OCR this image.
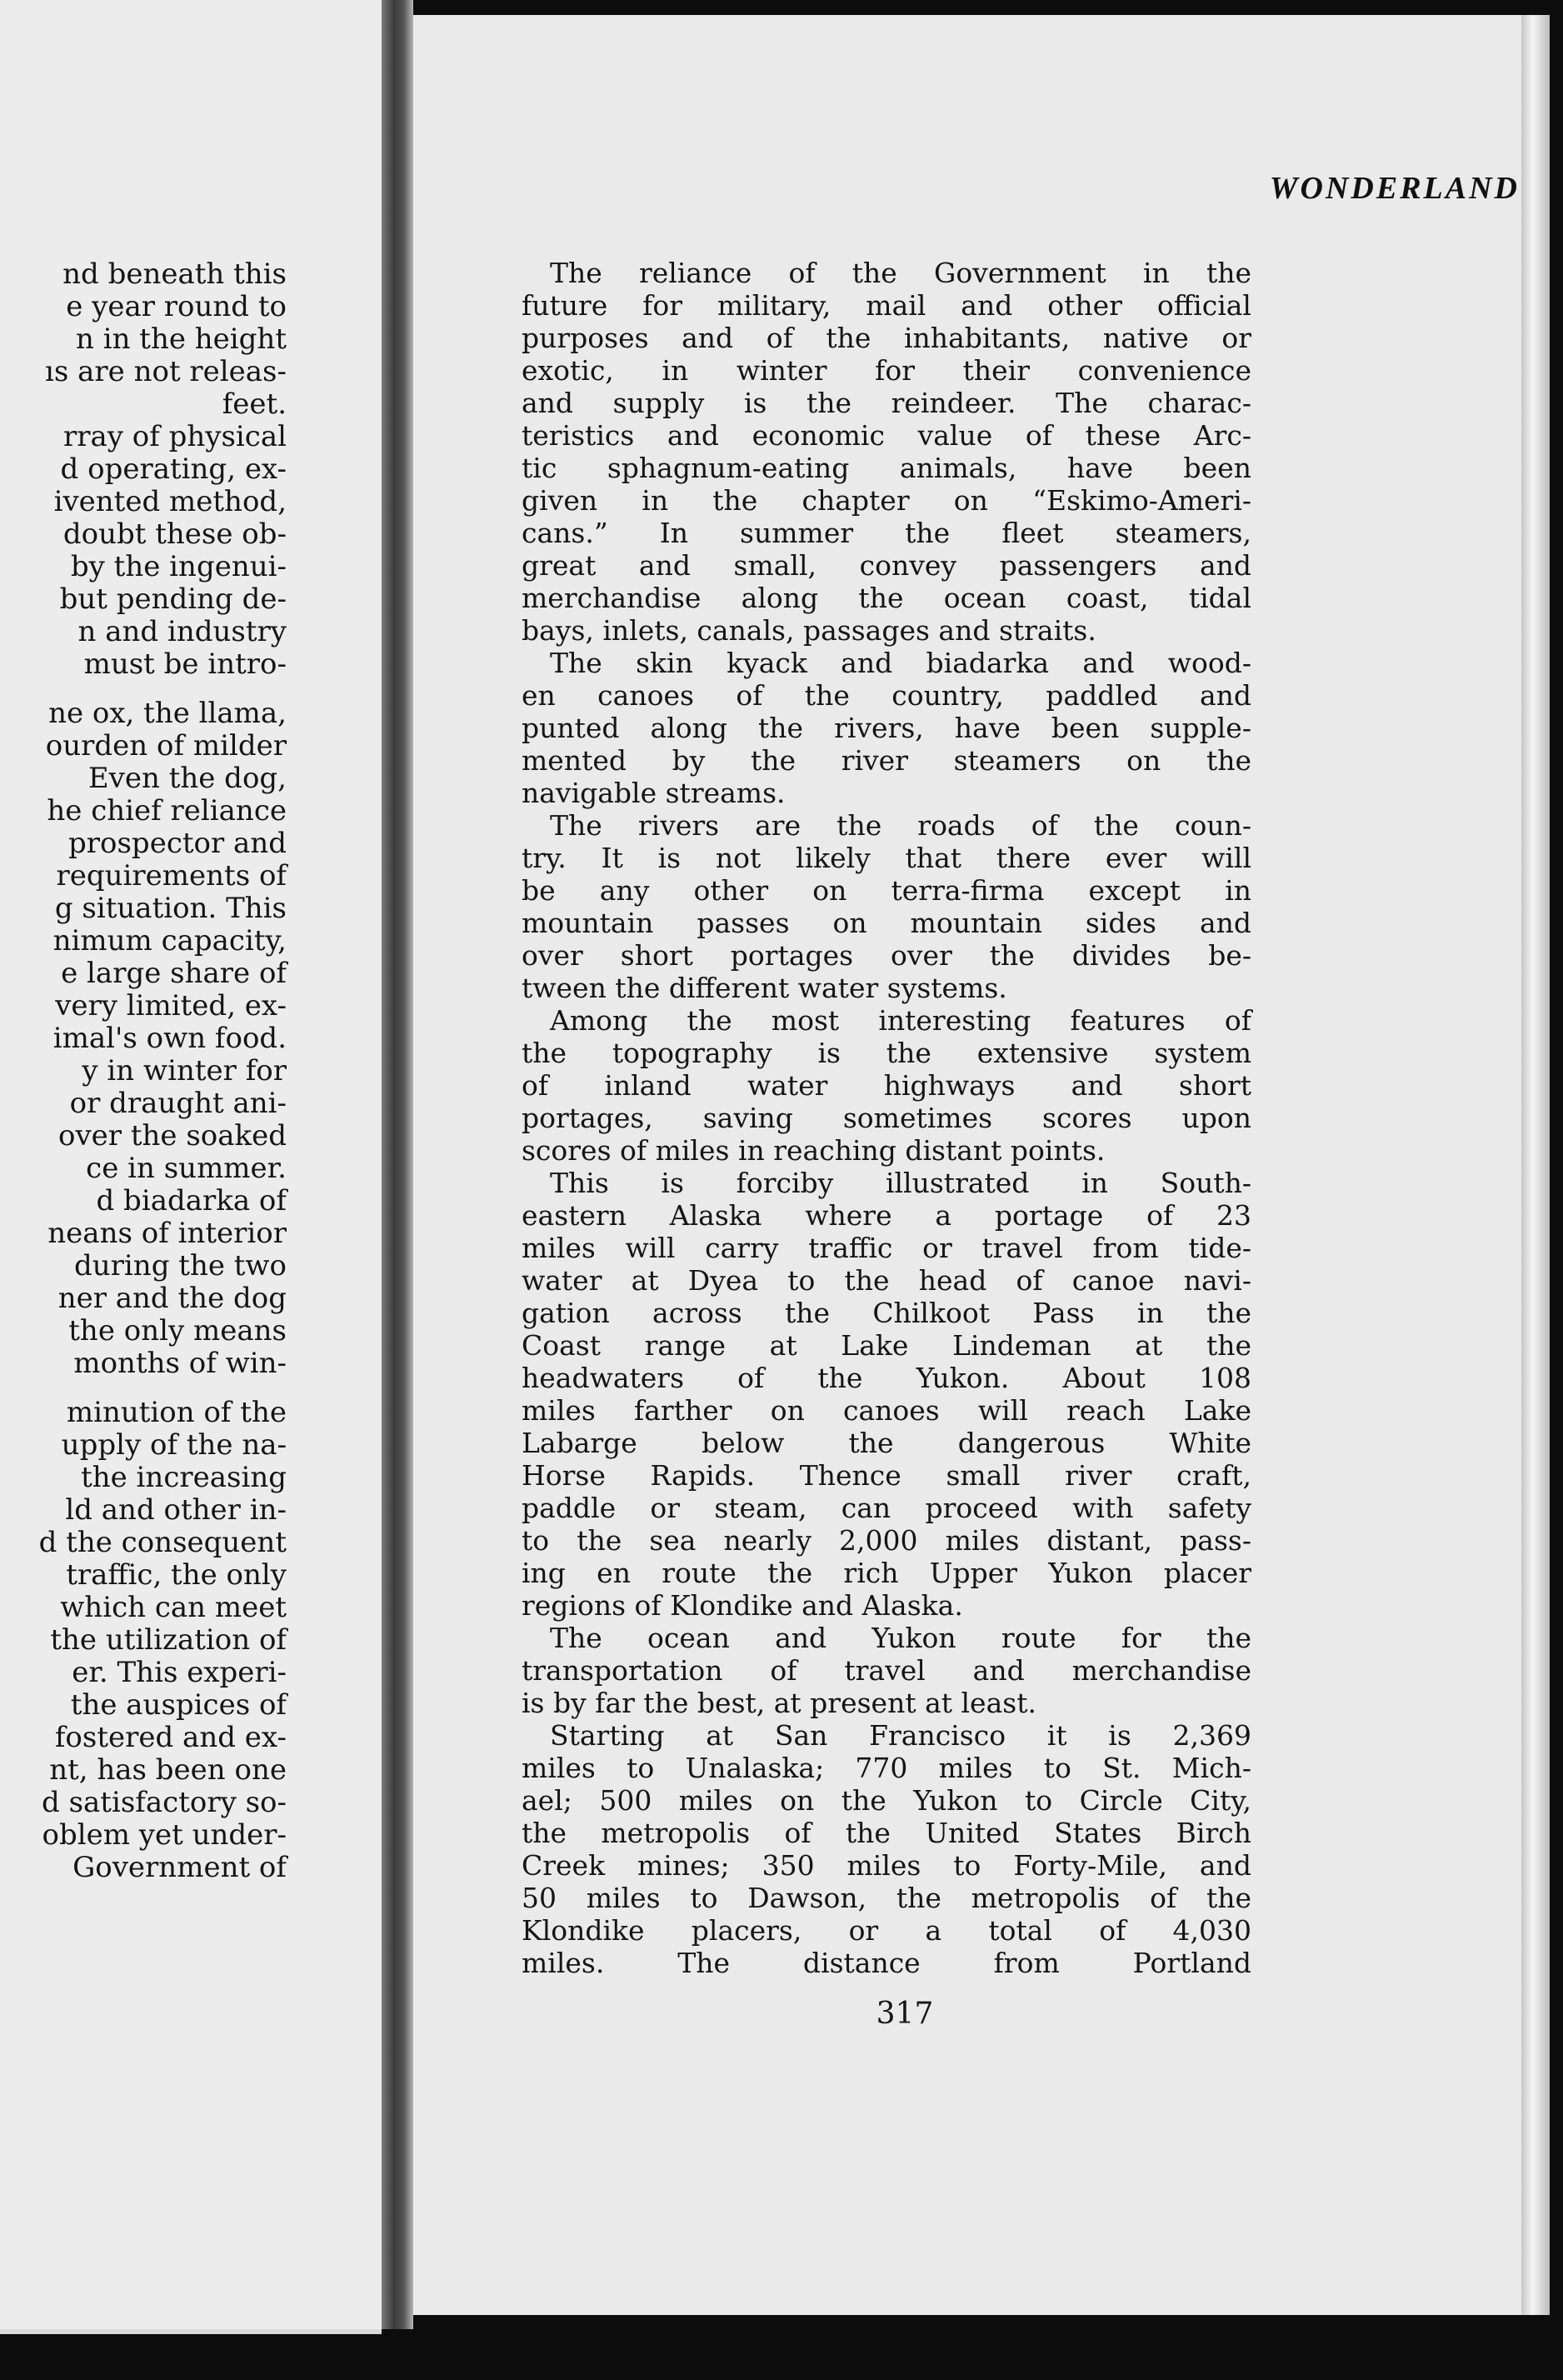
nd beneath this
e year round to
n in the height
ıs are not releas-
feet.
rray of physical
d operating, ex-
ivented method,
doubt these ob-
by the ingenui-
but pending de-
n and industry
must be intro-
ne ox, the llama,
ourden of milder
Even the dog,
he chief reliance
prospector and
requirements of
g situation. This
nimum capacity,
e large share of
very limited, ex-
imal's own food.
y in winter for
or draught ani-
over the soaked
ce in summer.
d biadarka of
neans of interior
during the two
ner and the dog
the only means
months of win-
minution of the
upply of the na-
the increasing
ld and other in-
d the consequent
traffic, the only
which can meet
the utilization of
er. This experi-
the auspices of
fostered and ex-
nt, has been one
d satisfactory so-
oblem yet under-
Government of
WONDERLAND
The reliance of the Government in the
future for military, mail and other official
purposes and of the inhabitants, native or
exotic, in winter for their convenience
and supply is the reindeer. The charac-
teristics and economic value of these Arc-
tic sphagnum-eating animals, have been
given in the chapter on “Eskimo-Ameri-
cans.” In summer the fleet steamers,
great and small, convey passengers and
merchandise along the ocean coast, tidal
bays, inlets, canals, passages and straits.
The skin kyack and biadarka and wood-
en canoes of the country, paddled and
punted along the rivers, have been supple-
mented by the river steamers on the
navigable streams.
The rivers are the roads of the coun-
try. It is not likely that there ever will
be any other on terra-firma except in
mountain passes on mountain sides and
over short portages over the divides be-
tween the different water systems.
Among the most interesting features of
the topography is the extensive system
of inland water highways and short
portages, saving sometimes scores upon
scores of miles in reaching distant points.
This is forciby illustrated in South-
eastern Alaska where a portage of 23
miles will carry traffic or travel from tide-
water at Dyea to the head of canoe navi-
gation across the Chilkoot Pass in the
Coast range at Lake Lindeman at the
headwaters of the Yukon. About 108
miles farther on canoes will reach Lake
Labarge below the dangerous White
Horse Rapids. Thence small river craft,
paddle or steam, can proceed with safety
to the sea nearly 2,000 miles distant, pass-
ing en route the rich Upper Yukon placer
regions of Klondike and Alaska.
The ocean and Yukon route for the
transportation of travel and merchandise
is by far the best, at present at least.
Starting at San Francisco it is 2,369
miles to Unalaska; 770 miles to St. Mich-
ael; 500 miles on the Yukon to Circle City,
the metropolis of the United States Birch
Creek mines; 350 miles to Forty-Mile, and
50 miles to Dawson, the metropolis of the
Klondike placers, or a total of 4,030
miles. The distance from Portland
317
